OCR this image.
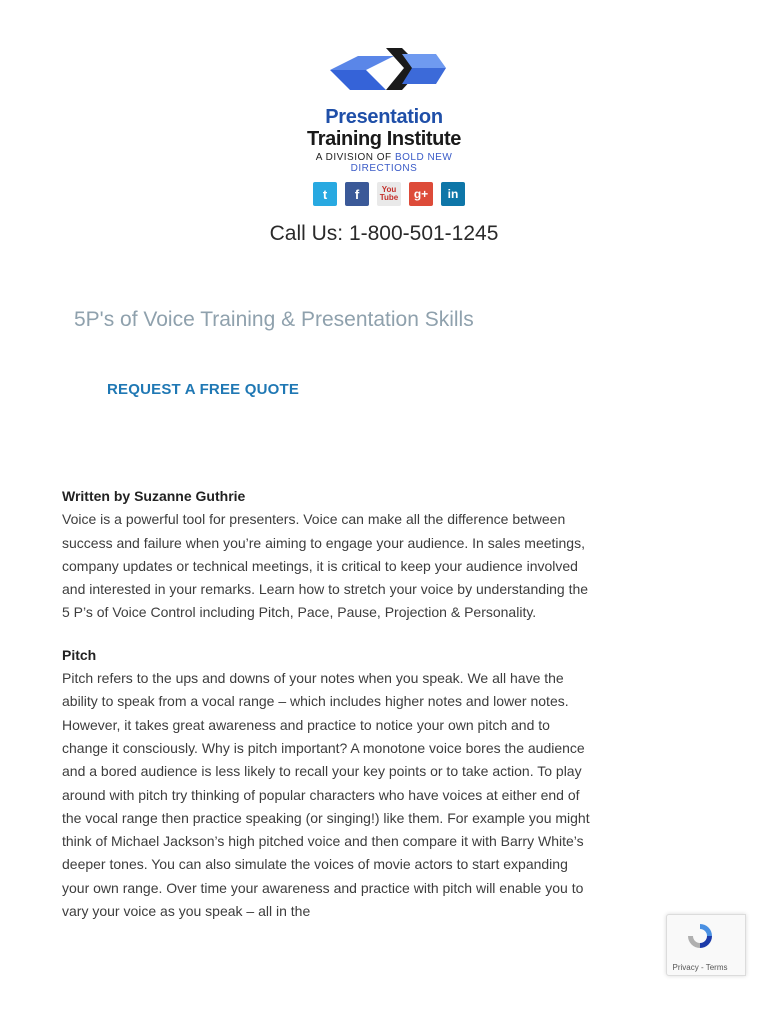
Presentation
Training Institute
A DIVISION OF BOLD NEW DIRECTIONS
t f	You
Tube g+ in
Call Us: 1-800-501-1245
5P's of Voice Training & Presentation Skills
REQUEST A FREE QUOTE

Written by Suzanne Guthrie
Voice is a powerful tool for presenters. Voice can make all the difference between success and failure when you’re aiming to engage your audience. In sales meetings, company updates or technical meetings, it is critical to keep your audience involved and interested in your remarks. Learn how to stretch your voice by understanding the 5 P’s of Voice Control including Pitch, Pace, Pause, Projection & Personality.

Pitch
Pitch refers to the ups and downs of your notes when you speak. We all have the ability to speak from a vocal range – which includes higher notes and lower notes. However, it takes great awareness and practice to notice your own pitch and to change it consciously. Why is pitch important? A monotone voice bores the audience and a bored audience is less likely to recall your key points or to take action. To play around with pitch try thinking of popular characters who have voices at either end of the vocal range then practice speaking (or singing!) like them. For example you might think of Michael Jackson’s high pitched voice and then compare it with Barry White’s deeper tones. You can also simulate the voices of movie actors to start expanding your own range. Over time your awareness and practice with pitch will enable you to vary your voice as you speak – all in the

Privacy - Terms
